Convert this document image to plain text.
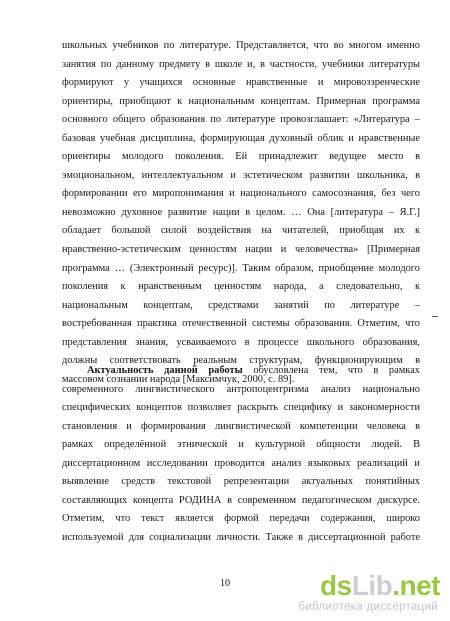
школьных учебников по литературе. Представляется, что во многом именно
занятия по данному предмету в школе и, в частности, учебники литературы
формируют у учащихся основные нравственные и мировоззренческие
ориентиры, приобщают к национальным концептам. Примерная программа
основного общего образования по литературе провозглашает: «Литература –
базовая учебная дисциплина, формирующая духовный облик и нравственные
ориентиры молодого поколения. Ей принадлежит ведущее место в
эмоциональном, интеллектуальном и эстетическом развитии школьника, в
формировании его миропонимания и национального самосознания, без чего
невозможно духовное развитие нации в целом. … Она [литература – Я.Г.]
обладает большой силой воздействия на читателей, приобщая их к
нравственно-эстетическим ценностям нации и человечества» [Примерная
программа … (Электронный ресурс)]. Таким образом, приобщение молодого
поколения к нравственным ценностям народа, а следовательно, к
национальным концептам, средствами занятий по литературе –
востребованная практика отечественной системы образования. Отметим, что
представления знания, усваиваемого в процессе школьного образования,
должны соответствовать реальным структурам, функционирующим в
массовом сознании народа [Максимчук, 2000, с. 89].
Актуальность данной работы обусловлена тем, что в рамках
современного лингвистического антропоцентризма анализ национально
специфических концептов позволяет раскрыть специфику и закономерности
становления и формирования лингвистической компетенции человека в
рамках определённой этнической и культурной общности людей. В
диссертационном исследовании проводится анализ языковых реализаций и
выявление средств текстовой репрезентации актуальных понятийных
составляющих концепта РОДИНА в современном педагогическом дискурсе.
Отметим, что текст является формой передачи содержания, широко
используемой для социализации личности. Также в диссертационной работе
10	dsLib.net
библиотека диссертаций
